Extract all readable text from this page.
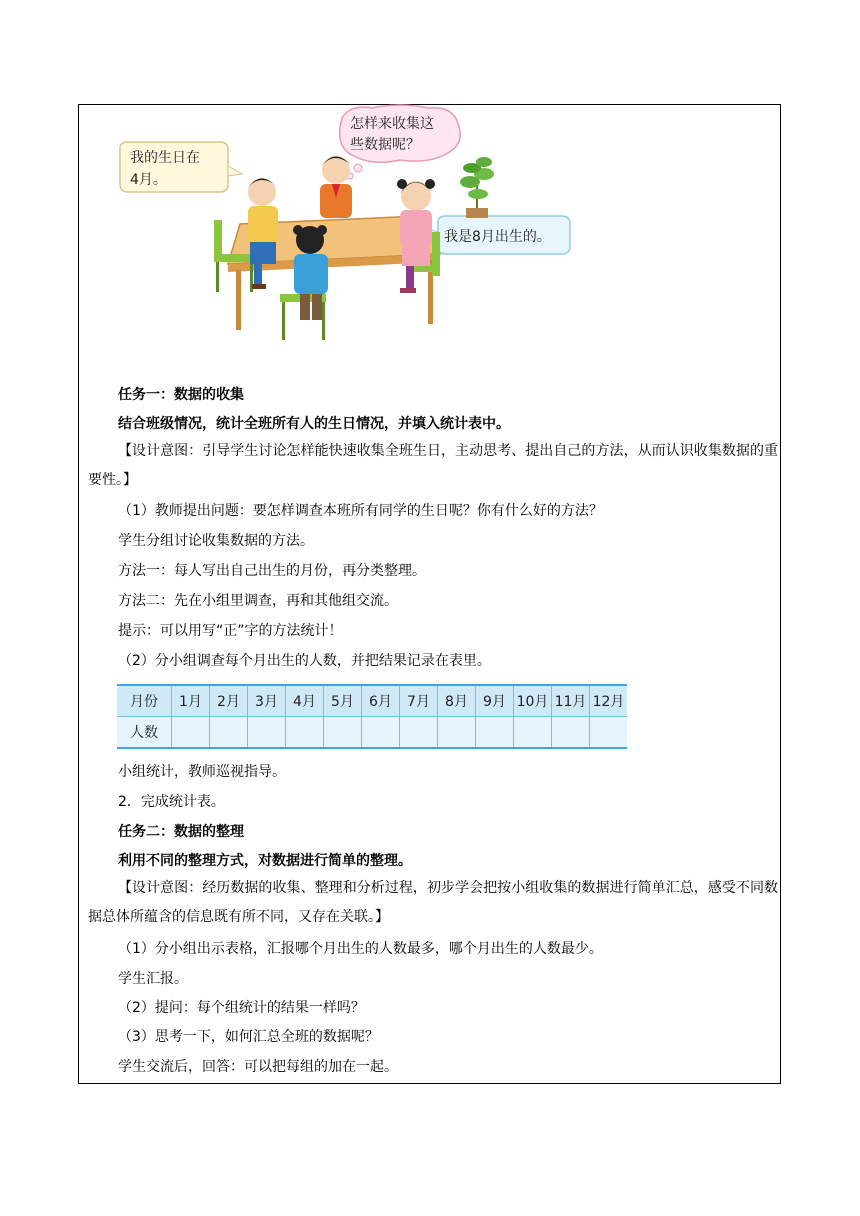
怎样来收集这
些数据呢？
我的生日在
4月。
我是8月出生的。
任务一：数据的收集
结合班级情况，统计全班所有人的生日情况，并填入统计表中。
【设计意图：引导学生讨论怎样能快速收集全班生日，主动思考、提出自己的方法，从而认识收集数据的重要性。】
（1）教师提出问题：要怎样调查本班所有同学的生日呢？你有什么好的方法？
学生分组讨论收集数据的方法。
方法一：每人写出自己出生的月份，再分类整理。
方法二：先在小组里调查，再和其他组交流。
提示：可以用写“正”字的方法统计！
（2）分小组调查每个月出生的人数，并把结果记录在表里。
月份	1月	2月	3月	4月	5月	6月	7月	8月	9月	10月	11月	12月
人数												
小组统计，教师巡视指导。
2．完成统计表。
任务二：数据的整理
利用不同的整理方式，对数据进行简单的整理。
【设计意图：经历数据的收集、整理和分析过程，初步学会把按小组收集的数据进行简单汇总，感受不同数据总体所蕴含的信息既有所不同，又存在关联。】
（1）分小组出示表格，汇报哪个月出生的人数最多，哪个月出生的人数最少。
学生汇报。
（2）提问：每个组统计的结果一样吗？
（3）思考一下，如何汇总全班的数据呢？
学生交流后，回答：可以把每组的加在一起。
